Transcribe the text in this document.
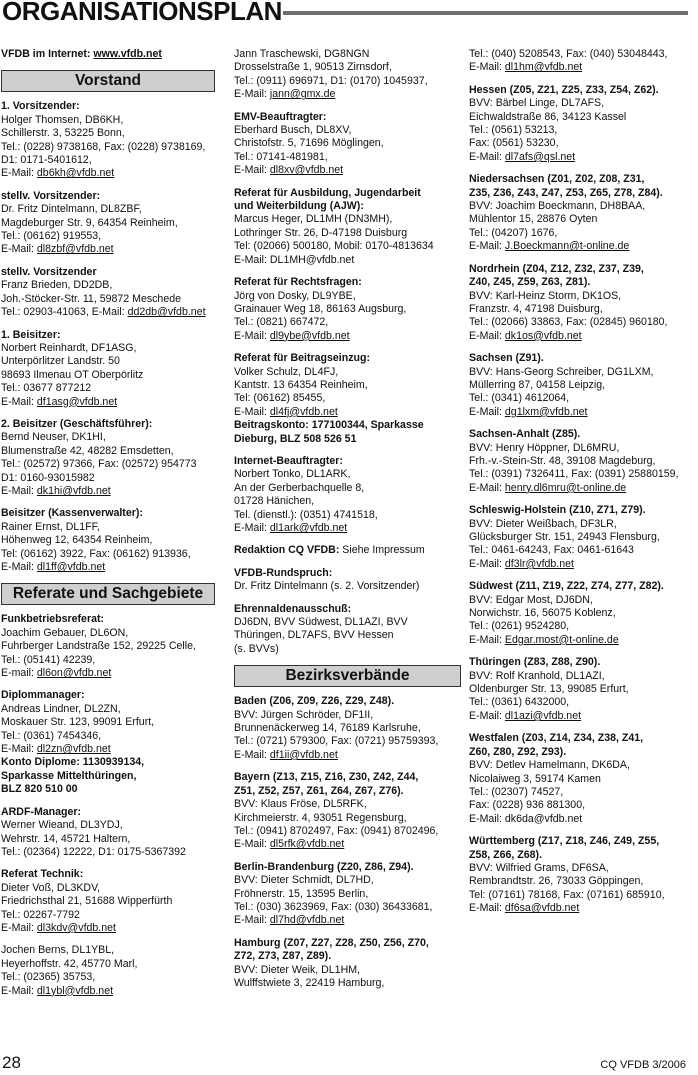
ORGANISATIONSPLAN
VFDB im Internet: www.vfdb.net
Vorstand
1. Vorsitzender:
Holger Thomsen, DB6KH,
Schillerstr. 3, 53225 Bonn,
Tel.: (0228) 9738168, Fax: (0228) 9738169,
D1: 0171-5401612,
E-Mail: db6kh@vfdb.net
stellv. Vorsitzender:
Dr. Fritz Dintelmann, DL8ZBF,
Magdeburger Str. 9, 64354 Reinheim,
Tel.: (06162) 919553,
E-Mail: dl8zbf@vfdb.net
stellv. Vorsitzender
Franz Brieden, DD2DB,
Joh.-Stöcker-Str. 11, 59872 Meschede
Tel.: 02903-41063, E-Mail: dd2db@vfdb.net
1. Beisitzer:
Norbert Reinhardt, DF1ASG,
Unterpörlitzer Landstr. 50
98693 Ilmenau OT Oberpörlitz
Tel.: 03677 877212
E-Mail: df1asg@vfdb.net
2. Beisitzer (Geschäftsführer):
Bernd Neuser, DK1HI,
Blumenstraße 42, 48282 Emsdetten,
Tel.: (02572) 97366, Fax: (02572) 954773
D1: 0160-93015982
E-Mail: dk1hi@vfdb.net
Beisitzer (Kassenverwalter):
Rainer Ernst, DL1FF,
Höhenweg 12, 64354 Reinheim,
Tel: (06162) 3922, Fax: (06162) 913936,
E-Mail: dl1ff@vfdb.net
Referate und Sachgebiete
Funkbetriebsreferat:
Joachim Gebauer, DL6ON,
Fuhrberger Landstraße 152, 29225 Celle,
Tel.: (05141) 42239,
E-mail: dl6on@vfdb.net
Diplommanager:
Andreas Lindner, DL2ZN,
Moskauer Str. 123, 99091 Erfurt,
Tel.: (0361) 7454346,
E-Mail: dl2zn@vfdb.net
Konto Diplome: 1130939134,
Sparkasse Mittelthüringen,
BLZ 820 510 00
ARDF-Manager:
Werner Wieand, DL3YDJ,
Wehrstr. 14, 45721 Haltern,
Tel.: (02364) 12222, D1: 0175-5367392
Referat Technik:
Dieter Voß, DL3KDV,
Friedrichsthal 21, 51688 Wipperfürth
Tel.: 02267-7792
E-Mail: dl3kdv@vfdb.net
Jochen Berns, DL1YBL,
Heyerhoffstr. 42, 45770 Marl,
Tel.: (02365) 35753,
E-Mail: dl1ybl@vfdb.net
Jann Traschewski, DG8NGN
Drosselstraße 1, 90513 Zirnsdorf,
Tel.: (0911) 696971, D1: (0170) 1045937,
E-Mail: jann@gmx.de
EMV-Beauftragter:
Eberhard Busch, DL8XV,
Christofstr. 5, 71696 Möglingen,
Tel.: 07141-481981,
E-Mail: dl8xv@vfdb.net
Referat für Ausbildung, Jugendarbeit
und Weiterbildung (AJW):
Marcus Heger, DL1MH (DN3MH),
Lothringer Str. 26, D-47198 Duisburg
Tel: (02066) 500180, Mobil: 0170-4813634
E-Mail: DL1MH@vfdb.net
Referat für Rechtsfragen:
Jörg von Dosky, DL9YBE,
Grainauer Weg 18, 86163 Augsburg,
Tel.: (0821) 667472,
E-Mail: dl9ybe@vfdb.net
Referat für Beitragseinzug:
Volker Schulz, DL4FJ,
Kantstr. 13 64354 Reinheim,
Tel: (06162) 85455,
E-Mail: dl4fj@vfdb.net
Beitragskonto: 177100344, Sparkasse
Dieburg, BLZ 508 526 51
Internet-Beauftragter:
Norbert Tonko, DL1ARK,
An der Gerberbachquelle 8,
01728 Hänichen,
Tel. (dienstl.): (0351) 4741518,
E-Mail: dl1ark@vfdb.net
Redaktion CQ VFDB: Siehe Impressum
VFDB-Rundspruch:
Dr. Fritz Dintelmann (s. 2. Vorsitzender)
Ehrennaldenausschuß:
DJ6DN, BVV Südwest, DL1AZI, BVV
Thüringen, DL7AFS, BVV Hessen
(s. BVVs)
Bezirksverbände
Baden (Z06, Z09, Z26, Z29, Z48).
BVV: Jürgen Schröder, DF1II,
Brunnenäckerweg 14, 76189 Karlsruhe,
Tel.: (0721) 579300, Fax: (0721) 95759393,
E-Mail: df1ii@vfdb.net
Bayern (Z13, Z15, Z16, Z30, Z42, Z44,
Z51, Z52, Z57, Z61, Z64, Z67, Z76).
BVV: Klaus Fröse, DL5RFK,
Kirchmeierstr. 4, 93051 Regensburg,
Tel.: (0941) 8702497, Fax: (0941) 8702496,
E-Mail: dl5rfk@vfdb.net
Berlin-Brandenburg (Z20, Z86, Z94).
BVV: Dieter Schmidt, DL7HD,
Fröhnerstr. 15, 13595 Berlin,
Tel.: (030) 3623969, Fax: (030) 36433681,
E-Mail: dl7hd@vfdb.net
Hamburg (Z07, Z27, Z28, Z50, Z56, Z70,
Z72, Z73, Z87, Z89).
BVV: Dieter Weik, DL1HM,
Wulffstwiete 3, 22419 Hamburg,
Tel.: (040) 5208543, Fax: (040) 53048443,
E-Mail: dl1hm@vfdb.net
Hessen (Z05, Z21, Z25, Z33, Z54, Z62).
BVV: Bärbel Linge, DL7AFS,
Eichwaldstraße 86, 34123 Kassel
Tel.: (0561) 53213,
Fax: (0561) 53230,
E-Mail: dl7afs@qsl.net
Niedersachsen (Z01, Z02, Z08, Z31,
Z35, Z36, Z43, Z47, Z53, Z65, Z78, Z84).
BVV: Joachim Boeckmann, DH8BAA,
Mühlentor 15, 28876 Oyten
Tel.: (04207) 1676,
E-Mail: J.Boeckmann@t-online.de
Nordrhein (Z04, Z12, Z32, Z37, Z39,
Z40, Z45, Z59, Z63, Z81).
BVV: Karl-Heinz Storm, DK1OS,
Franzstr. 4, 47198 Duisburg,
Tel.: (02066) 33863, Fax: (02845) 960180,
E-Mail: dk1os@vfdb.net
Sachsen (Z91).
BVV: Hans-Georg Schreiber, DG1LXM,
Müllerring 87, 04158 Leipzig,
Tel.: (0341) 4612064,
E-Mail: dg1lxm@vfdb.net
Sachsen-Anhalt (Z85).
BVV: Henry Höppner, DL6MRU,
Frh.-v.-Stein-Str. 48, 39108 Magdeburg,
Tel.: (0391) 7326411, Fax: (0391) 25880159,
E-Mail: henry.dl6mru@t-online.de
Schleswig-Holstein (Z10, Z71, Z79).
BVV: Dieter Weißbach, DF3LR,
Glücksburger Str. 151, 24943 Flensburg,
Tel.: 0461-64243, Fax: 0461-61643
E-Mail: df3lr@vfdb.net
Südwest (Z11, Z19, Z22, Z74, Z77, Z82).
BVV: Edgar Most, DJ6DN,
Norwichstr. 16, 56075 Koblenz,
Tel.: (0261) 9524280,
E-Mail: Edgar.most@t-online.de
Thüringen (Z83, Z88, Z90).
BVV: Rolf Kranhold, DL1AZI,
Oldenburger Str. 13, 99085 Erfurt,
Tel.: (0361) 6432000,
E-Mail: dl1azi@vfdb.net
Westfalen (Z03, Z14, Z34, Z38, Z41,
Z60, Z80, Z92, Z93).
BVV: Detlev Hamelmann, DK6DA,
Nicolaiweg 3, 59174 Kamen
Tel.: (02307) 74527,
Fax: (0228) 936 881300,
E-Mail: dk6da@vfdb.net
Württemberg (Z17, Z18, Z46, Z49, Z55,
Z58, Z66, Z68).
BVV: Wilfried Grams, DF6SA,
Rembrandtstr. 26, 73033 Göppingen,
Tel: (07161) 78168, Fax: (07161) 685910,
E-Mail: df6sa@vfdb.net
28	CQ VFDB 3/2006
